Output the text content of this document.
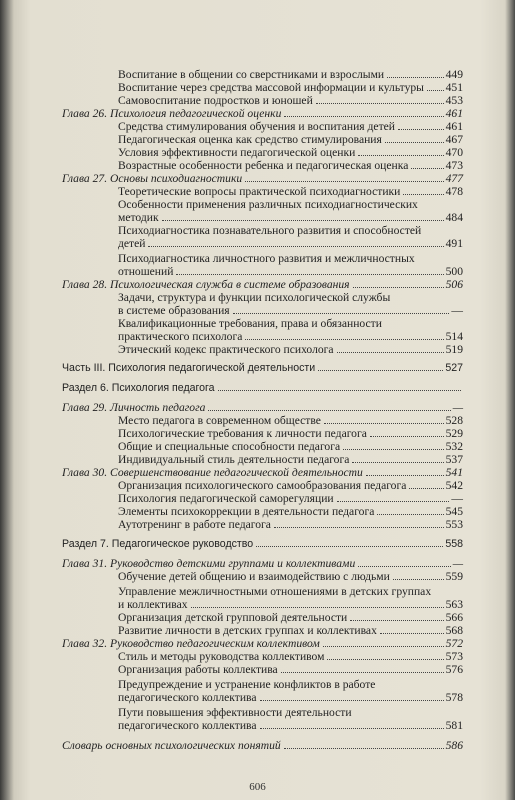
Воспитание в общении со сверстниками и взрослыми	449
Воспитание через средства массовой информации и культуры 451
Самовоспитание подростков и юношей	453
Глава 26. Психология педагогической оценки	461
Средства стимулирования обучения и воспитания детей	461
Педагогическая оценка как средство стимулирования	467
Условия эффективности педагогической оценки	470
Возрастные особенности ребенка и педагогическая оценка	473
Глава 27. Основы психодиагностики	477
Теоретические вопросы практической психодиагностики	478
Особенности применения различных психодиагностических
методик	484
Психодиагностика познавательного развития и способностей
детей	491
Психодиагностика личностного развития и межличностных
отношений	500
Глава 28. Психологическая служба в системе образования	506
Задачи, структура и функции психологической службы
в системе образования	—
Квалификационные требования, права и обязанности
практического психолога	514
Этический кодекс практического психолога	519
Часть III. Психология педагогической деятельности	527
Раздел 6. Психология педагога
Глава 29. Личность педагога	—
Место педагога в современном обществе	528
Психологические требования к личности педагога	529
Общие и специальные способности педагога	532
Индивидуальный стиль деятельности педагога	537
Глава 30. Совершенствование педагогической деятельности	541
Организация психологического самообразования педагога	542
Психология педагогической саморегуляции	—
Элементы психокоррекции в деятельности педагога	545
Аутотренинг в работе педагога	553
Раздел 7. Педагогическое руководство	558
Глава 31. Руководство детскими группами и коллективами	—
Обучение детей общению и взаимодействию с людьми	559
Управление межличностными отношениями в детских группах
и коллективах	563
Организация детской групповой деятельности	566
Развитие личности в детских группах и коллективах	568
Глава 32. Руководство педагогическим коллективом	572
Стиль и методы руководства коллективом	573
Организация работы коллектива	576
Предупреждение и устранение конфликтов в работе
педагогического коллектива	578
Пути повышения эффективности деятельности
педагогического коллектива	581
Словарь основных психологических понятий	586
606
